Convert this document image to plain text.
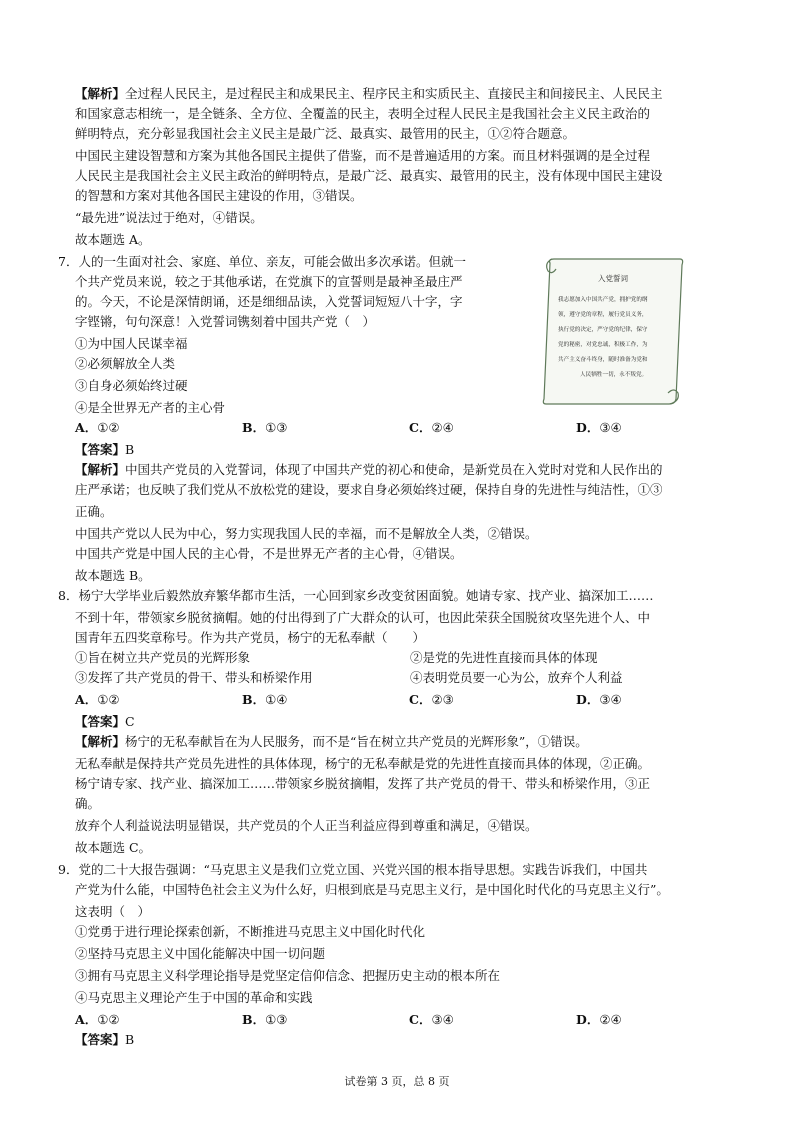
【解析】全过程人民民主，是过程民主和成果民主、程序民主和实质民主、直接民主和间接民主、人民民主
和国家意志相统一，是全链条、全方位、全覆盖的民主，表明全过程人民民主是我国社会主义民主政治的
鲜明特点，充分彰显我国社会主义民主是最广泛、最真实、最管用的民主，①②符合题意。
中国民主建设智慧和方案为其他各国民主提供了借鉴，而不是普遍适用的方案。而且材料强调的是全过程
人民民主是我国社会主义民主政治的鲜明特点，是最广泛、最真实、最管用的民主，没有体现中国民主建设
的智慧和方案对其他各国民主建设的作用，③错误。
“最先进”说法过于绝对，④错误。
故本题选 A。
7．人的一生面对社会、家庭、单位、亲友，可能会做出多次承诺。但就一
个共产党员来说，较之于其他承诺，在党旗下的宣誓则是最神圣最庄严
的。今天，不论是深情朗诵，还是细细品读，入党誓词短短八十字，字
字铿锵，句句深意！入党誓词镌刻着中国共产党（　）
①为中国人民谋幸福
②必须解放全人类
③自身必须始终过硬
④是全世界无产者的主心骨
【答案】B
【解析】中国共产党员的入党誓词，体现了中国共产党的初心和使命，是新党员在入党时对党和人民作出的
庄严承诺；也反映了我们党从不放松党的建设，要求自身必须始终过硬，保持自身的先进性与纯洁性，①③
正确。
中国共产党以人民为中心，努力实现我国人民的幸福，而不是解放全人类，②错误。
中国共产党是中国人民的主心骨，不是世界无产者的主心骨，④错误。
故本题选 B。
8．杨宁大学毕业后毅然放弃繁华都市生活，一心回到家乡改变贫困面貌。她请专家、找产业、搞深加工……
不到十年，带领家乡脱贫摘帽。她的付出得到了广大群众的认可，也因此荣获全国脱贫攻坚先进个人、中
国青年五四奖章称号。作为共产党员，杨宁的无私奉献（　　）
【答案】C
【解析】杨宁的无私奉献旨在为人民服务，而不是“旨在树立共产党员的光辉形象”，①错误。
无私奉献是保持共产党员先进性的具体体现，杨宁的无私奉献是党的先进性直接而具体的体现，②正确。
杨宁请专家、找产业、搞深加工……带领家乡脱贫摘帽，发挥了共产党员的骨干、带头和桥梁作用，③正
确。
放弃个人利益说法明显错误，共产党员的个人正当利益应得到尊重和满足，④错误。
故本题选 C。
9．党的二十大报告强调：“马克思主义是我们立党立国、兴党兴国的根本指导思想。实践告诉我们，中国共
产党为什么能，中国特色社会主义为什么好，归根到底是马克思主义行，是中国化时代化的马克思主义行”。
这表明（　）
①党勇于进行理论探索创新，不断推进马克思主义中国化时代化
②坚持马克思主义中国化能解决中国一切问题
③拥有马克思主义科学理论指导是党坚定信仰信念、把握历史主动的根本所在
④马克思主义理论产生于中国的革命和实践
【答案】B
A．①②	B．①③	C．②④	D．③④
①旨在树立共产党员的光辉形象	②是党的先进性直接而具体的体现
③发挥了共产党员的骨干、带头和桥梁作用	④表明党员要一心为公，放弃个人利益
A．①②	B．①④	C．②③	D．③④
A．①②	B．①③	C．③④	D．②④
入党誓词
我志愿加入中国共产党，拥护党的纲
领，遵守党的章程，履行党员义务，
执行党的决定，严守党的纪律，保守
党的秘密，对党忠诚，积极工作，为
共产主义奋斗终身，随时准备为党和
人民牺牲一切，永不叛党。
试卷第 3 页，总 8 页
